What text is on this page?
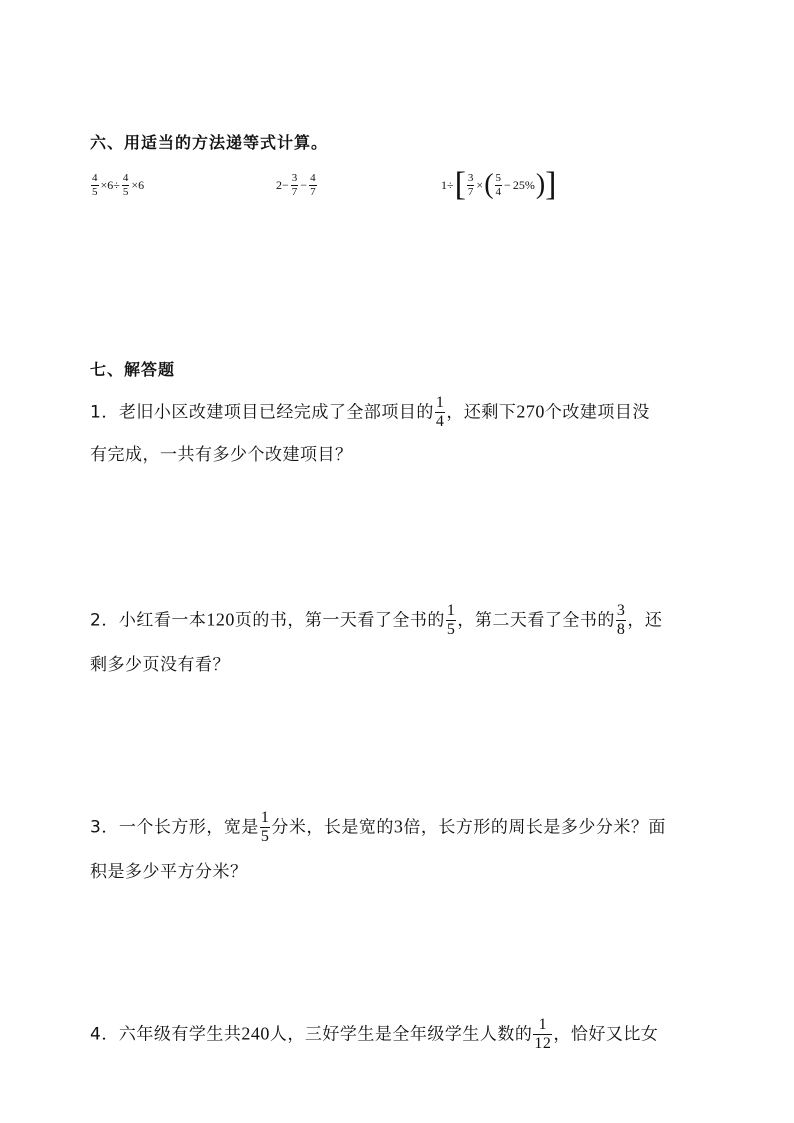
六、用适当的方法递等式计算。
$\frac{4}{5} \times 6\div \frac{4}{5} \times 6$	$2- \frac{3}{7} - \frac{4}{7}$	1÷ [ $\frac{3}{7}$ × ( $\frac{5}{4} - 25\%$ ) ]
七、解答题
1．老旧小区改建项目已经完成了全部项目的 $\frac{1}{4}$ ，还剩下270个改建项目没
有完成，一共有多少个改建项目？
2．小红看一本120页的书，第一天看了全书的 $\frac{1}{5}$ ，第二天看了全书的 $\frac{3}{8}$ ，还
剩多少页没有看？
3．一个长方形，宽是 $\frac{1}{5}$ 分米，长是宽的3倍，长方形的周长是多少分米？面
积是多少平方分米？
4．六年级有学生共240人，三好学生是全年级学生人数的 $\frac{1}{12}$ ，恰好又比女
